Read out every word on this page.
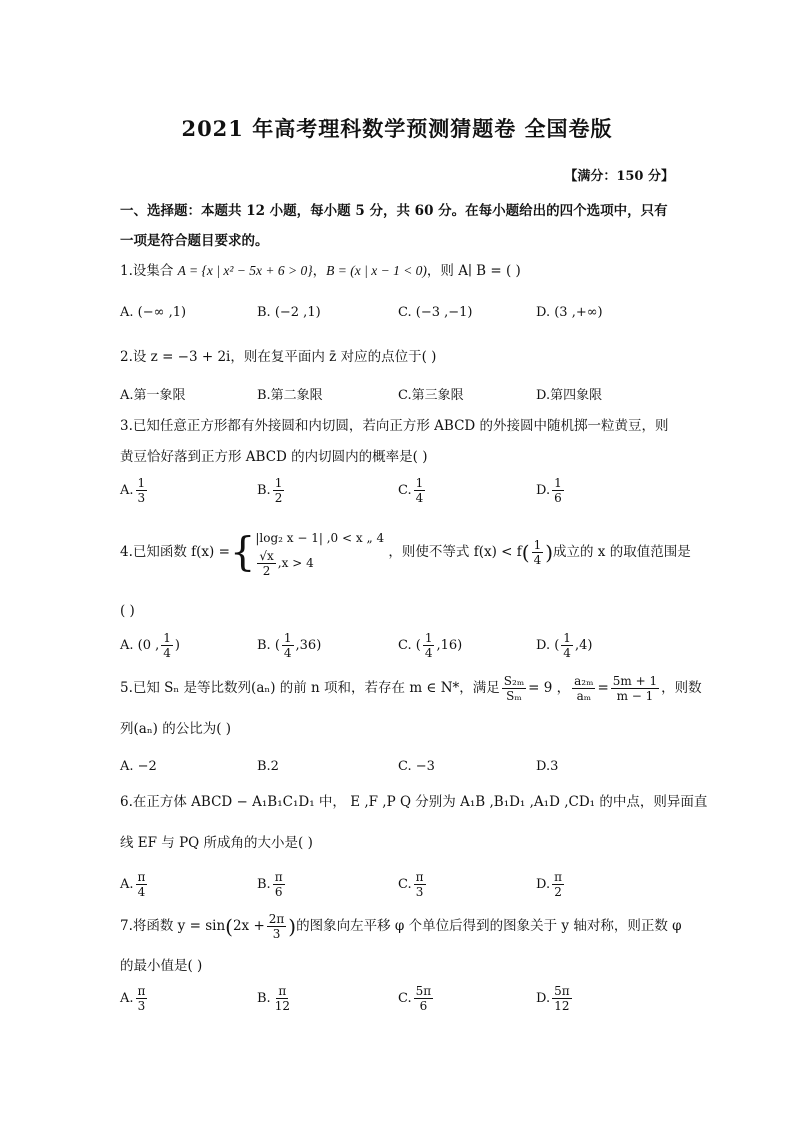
2021 年高考理科数学预测猜题卷 全国卷版
【满分：150 分】
一、选择题：本题共 12 小题，每小题 5 分，共 60 分。在每小题给出的四个选项中，只有一项是符合题目要求的。
1.设集合 A = {x | x² − 5x + 6 > 0}，B = (x | x − 1 < 0)，则 A∣ B = ( )
A. (−∞ ,1)	B. (−2 ,1)	C. (−3 ,−1)	D. (3 ,+∞)
2.设 z = −3 + 2i，则在复平面内 z̄ 对应的点位于( )
A.第一象限	B.第二象限	C.第三象限	D.第四象限
3.已知任意正方形都有外接圆和内切圆，若向正方形 ABCD 的外接圆中随机掷一粒黄豆，则黄豆恰好落到正方形 ABCD 的内切圆内的概率是( )
A. $\frac{1}{3}$	B. $\frac{1}{2}$	C. $\frac{1}{4}$	D. $\frac{1}{6}$
4.已知函数 f(x) ={ |log₂ x − 1| ,0 < x „ 4
$\frac{√x}{2} ,x > 4$
，则使不等式 $f(x) < f( \frac{1}{4}$ )成立的 x 的取值范围是
( )
A. (0 , $\frac{1}{4}$ )	B. ( $\frac{1}{4} ,36$)	C. ( $\frac{1}{4} ,16$)	D. ( $\frac{1}{4} ,4$)
5.已知 Sₙ 是等比数列(aₙ) 的前 n 项和，若存在 m ∈ N*，满足 $\frac{\text{S₂ₘ}}{\text{Sₘ}} = 9$ ， $\frac{\text{a₂ₘ}}{\text{aₘ}} = \frac{5m + 1}{m - 1}$ ，则数
列(aₙ) 的公比为( )
A. −2	B.2	C. −3	D.3
6.在正方体 ABCD − A₁B₁C₁D₁ 中， E ,F ,P Q 分别为 A₁B ,B₁D₁ ,A₁D ,CD₁ 的中点，则异面直
线 EF 与 PQ 所成角的大小是( )
A. $\frac{\pi}{4}$	B. $\frac{\pi}{6}$	C. $\frac{\pi}{3}$	D. $\frac{\pi}{2}$
7.将函数 $y = \sin(2x + \frac{2\pi}{3}$ )的图象向左平移 φ 个单位后得到的图象关于 y 轴对称，则正数 φ
的最小值是( )
A. $\frac{\pi}{3}$	B. $\frac{\pi}{12}$	C. $\frac{5\pi}{6}$	D. $\frac{5\pi}{12}$
